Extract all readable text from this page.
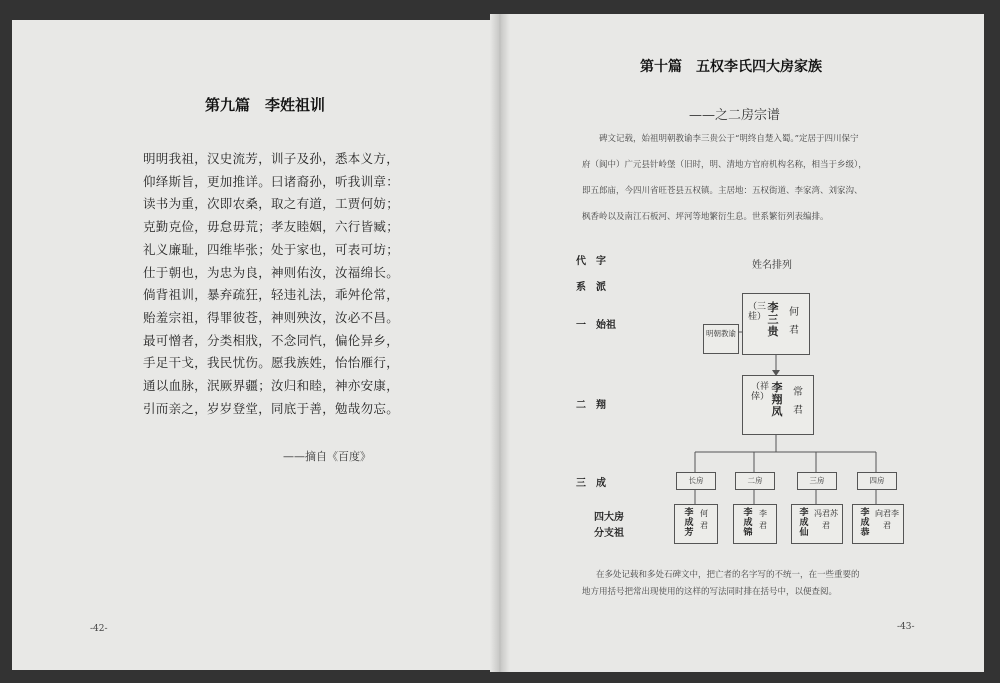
第九篇　李姓祖训
明明我祖，汉史流芳，训子及孙，悉本义方，
仰绎斯旨，更加推详。曰诸裔孙，听我训章：
读书为重，次即农桑，取之有道，工贾何妨；
克勤克俭，毋怠毋荒；孝友睦姻，六行皆臧；
礼义廉耻，四维毕张；处于家也，可表可坊；
仕于朝也，为忠为良，神则佑汝，汝福绵长。
倘背祖训，暴弃疏狂，轻违礼法，乖舛伦常，
贻羞宗祖，得罪彼苍，神则殃汝，汝必不昌。
最可憎者，分类相戕，不念同忾，偏伦异乡，
手足干戈，我民忧伤。愿我族姓，怡怡雁行，
通以血脉，泯厥界疆；汝归和睦，神亦安康，
引而亲之，岁岁登堂，同底于善，勉哉勿忘。
——摘自《百度》
-42-
第十篇　五权李氏四大房家族
——之二房宗谱
碑文记载，始祖明朝教谕李三贵公于“明终自楚入蜀。”定居于四川保宁
府（阆中）广元县针岭堡（旧时，明、清地方官府机构名称，相当于乡级），
即五郎庙，今四川省旺苍县五权镇。主居地：五权街道、李家湾、刘家沟、
枫香岭以及南江石板河、坪河等地繁衍生息。世系繁衍列表编排。
代　字
系　派
姓名排列
一　始祖
二　翔
三　成
四大房
分支祖
明朝教谕
（三桂）
李三贵
何君
（祥倖）
李翔凤
常君
长房	二房	三房	四房
李成芳
何君
李成锦
李君
李成仙
冯君苏君
李成恭
向君李君
在多处记载和多处石碑文中，把亡者的名字写的不统一，在一些重要的
地方用括号把常出现使用的这样的写法同时排在括号中，以便查阅。
-43-
